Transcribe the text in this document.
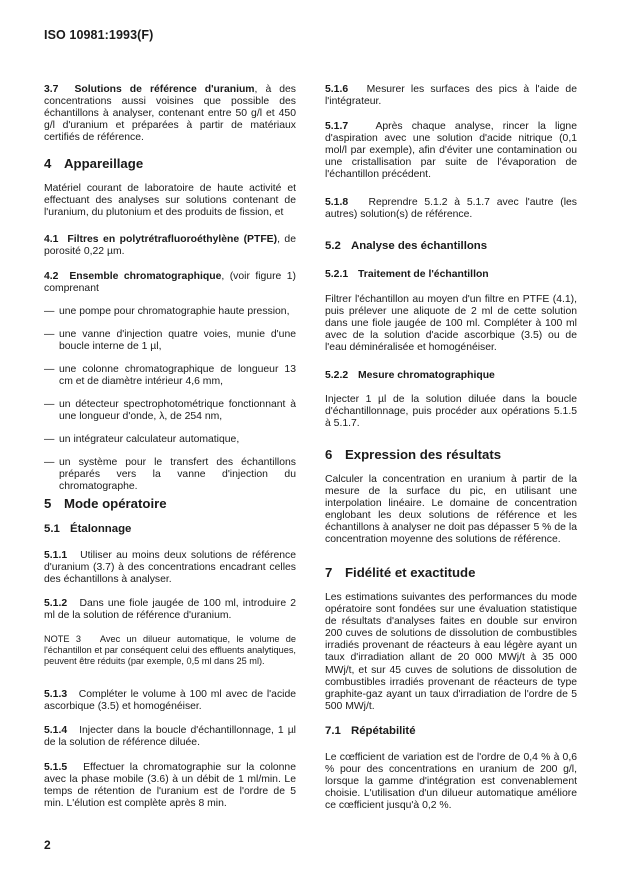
ISO 10981:1993(F)

3.7 Solutions de référence d'uranium, à des concentrations aussi voisines que possible des échantillons à analyser, contenant entre 50 g/l et 450 g/l d'uranium et préparées à partir de matériaux certifiés de référence.

4 Appareillage

Matériel courant de laboratoire de haute activité et effectuant des analyses sur solutions contenant de l'uranium, du plutonium et des produits de fission, et

4.1 Filtres en polytrétrafluoroéthylène (PTFE), de porosité 0,22 µm.

4.2 Ensemble chromatographique, (voir figure 1) comprenant

— une pompe pour chromatographie haute pression,

— une vanne d'injection quatre voies, munie d'une boucle interne de 1 µl,

— une colonne chromatographique de longueur 13 cm et de diamètre intérieur 4,6 mm,

— un détecteur spectrophotométrique fonctionnant à une longueur d'onde, λ, de 254 nm,

— un intégrateur calculateur automatique,

— un système pour le transfert des échantillons préparés vers la vanne d'injection du chromatographe.

5 Mode opératoire
5.1 Étalonnage

5.1.1 Utiliser au moins deux solutions de référence d'uranium (3.7) à des concentrations encadrant celles des échantillons à analyser.

5.1.2 Dans une fiole jaugée de 100 ml, introduire 2 ml de la solution de référence d'uranium.

NOTE 3 Avec un dilueur automatique, le volume de l'échantillon et par conséquent celui des effluents analytiques, peuvent être réduits (par exemple, 0,5 ml dans 25 ml).

5.1.3 Compléter le volume à 100 ml avec de l'acide ascorbique (3.5) et homogénéiser.

5.1.4 Injecter dans la boucle d'échantillonnage, 1 µl de la solution de référence diluée.

5.1.5 Effectuer la chromatographie sur la colonne avec la phase mobile (3.6) à un débit de 1 ml/min. Le temps de rétention de l'uranium est de l'ordre de 5 min. L'élution est complète après 8 min.

5.1.6 Mesurer les surfaces des pics à l'aide de l'intégrateur.

5.1.7	Après chaque analyse, rincer la ligne d'aspiration avec une solution d'acide nitrique (0,1 mol/l par exemple), afin d'éviter une contamination ou une cristallisation par suite de l'évaporation de l'échantillon précédent.

5.1.8 Reprendre 5.1.2 à 5.1.7 avec l'autre (les autres) solution(s) de référence.

5.2 Analyse des échantillons
5.2.1 Traitement de l'échantillon

Filtrer l'échantillon au moyen d'un filtre en PTFE (4.1), puis prélever une aliquote de 2 ml de cette solution dans une fiole jaugée de 100 ml. Compléter à 100 ml avec de la solution d'acide ascorbique (3.5) ou de l'eau déminéralisée et homogénéiser.

5.2.2 Mesure chromatographique

Injecter 1 µl de la solution diluée dans la boucle d'échantillonnage, puis procéder aux opérations 5.1.5 à 5.1.7.

6 Expression des résultats

Calculer la concentration en uranium à partir de la mesure de la surface du pic, en utilisant une interpolation linéaire. Le domaine de concentration englobant les deux solutions de référence et les échantillons à analyser ne doit pas dépasser 5 % de la concentration moyenne des solutions de référence.

7 Fidélité et exactitude

Les estimations suivantes des performances du mode opératoire sont fondées sur une évaluation statistique de résultats d'analyses faites en double sur environ 200 cuves de solutions de dissolution de combustibles irradiés provenant de réacteurs à eau légère ayant un taux d'irradiation allant de 20 000 MWj/t à 35 000 MWj/t, et sur 45 cuves de solutions de dissolution de combustibles irradiés provenant de réacteurs de type graphite-gaz ayant un taux d'irradiation de l'ordre de 5 500 MWj/t.

7.1 Répétabilité

Le cœfficient de variation est de l'ordre de 0,4 % à 0,6 % pour des concentrations en uranium de 200 g/l, lorsque la gamme d'intégration est convenablement choisie. L'utilisation d'un dilueur automatique améliore ce cœfficient jusqu'à 0,2 %.

2
